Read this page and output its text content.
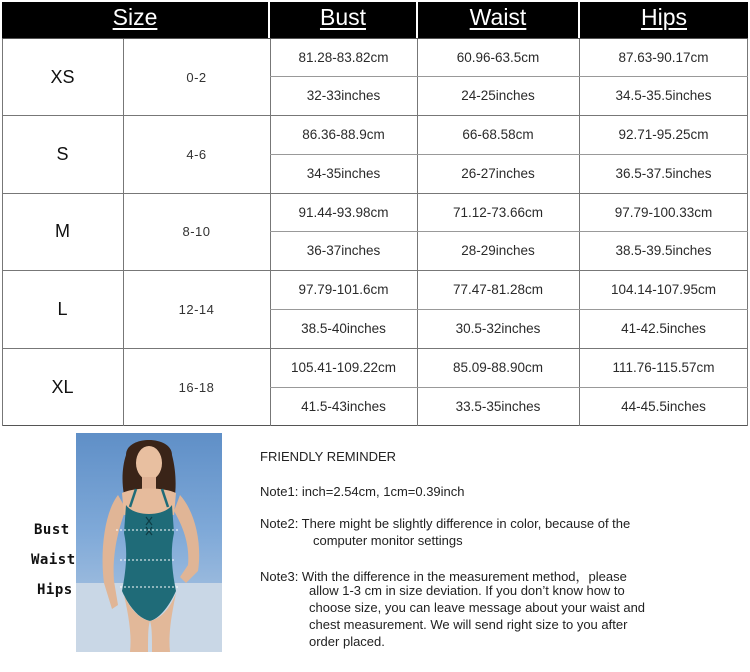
Size	Bust	Waist	Hips
XS	0-2
81.28-83.82cm	60.96-63.5cm	87.63-90.17cm
32-33inches	24-25inches	34.5-35.5inches
S	4-6
86.36-88.9cm	66-68.58cm	92.71-95.25cm
34-35inches	26-27inches	36.5-37.5inches
M	8-10
91.44-93.98cm	71.12-73.66cm	97.79-100.33cm
36-37inches	28-29inches	38.5-39.5inches
L	12-14
97.79-101.6cm	77.47-81.28cm	104.14-107.95cm
38.5-40inches	30.5-32inches	41-42.5inches
XL	16-18
105.41-109.22cm	85.09-88.90cm	111.76-115.57cm
41.5-43inches	33.5-35inches	44-45.5inches
Bust
Waist
Hips
FRIENDLY REMINDER
Note1: inch=2.54cm, 1cm=0.39inch
Note2: There might be slightly difference in color, because of the
computer monitor settings
Note3: With the difference in the measurement method，please
allow 1-3 cm in size deviation. If you don’t know how to
choose size, you can leave message about your waist and
chest measurement. We will send right size to you after
order placed.
